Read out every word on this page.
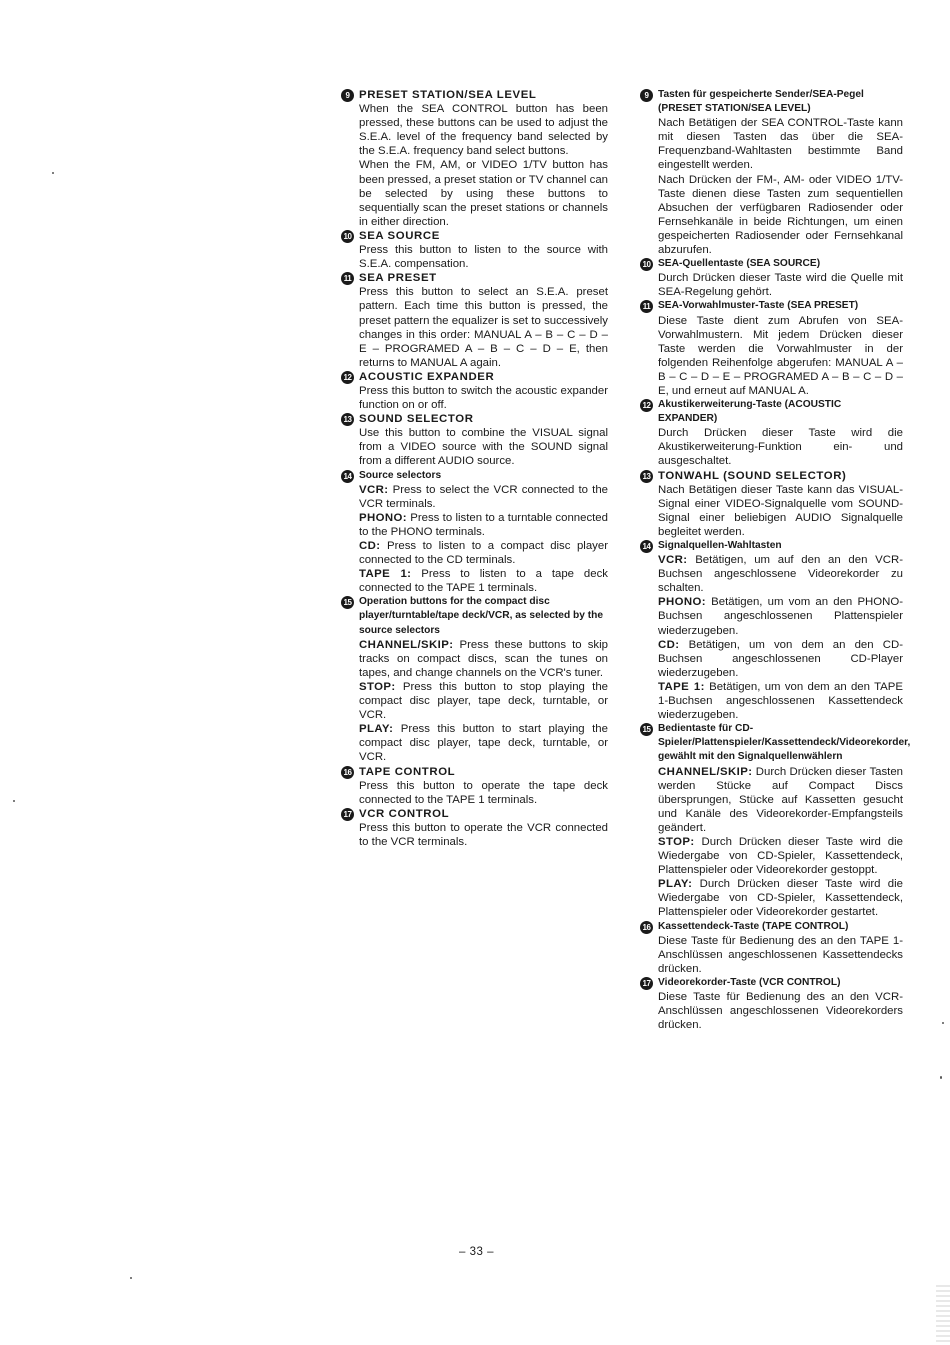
9 PRESET STATION/SEA LEVEL

When the SEA CONTROL button has been pressed, these buttons can be used to adjust the S.E.A. level of the frequency band selected by the S.E.A. frequency band select buttons.

When the FM, AM, or VIDEO 1/TV button has been pressed, a preset station or TV channel can be selected by using these buttons to sequentially scan the preset stations or channels in either direction.

10 SEA SOURCE

Press this button to listen to the source with S.E.A. compensation.

11 SEA PRESET

Press this button to select an S.E.A. preset pattern. Each time this button is pressed, the preset pattern the equalizer is set to successively changes in this order: MANUAL A – B – C – D – E – PROGRAMED A – B – C – D – E, then returns to MANUAL A again.

12 ACOUSTIC EXPANDER

Press this button to switch the acoustic expander function on or off.

13 SOUND SELECTOR

Use this button to combine the VISUAL signal from a VIDEO source with the SOUND signal from a different AUDIO source.

14 Source selectors

VCR: Press to select the VCR connected to the VCR terminals.

PHONO: Press to listen to a turntable connected to the PHONO terminals.

CD: Press to listen to a compact disc player connected to the CD terminals.

TAPE 1: Press to listen to a tape deck connected to the TAPE 1 terminals.

15 Operation buttons for the compact disc player/turntable/tape deck/VCR, as selected by the source selectors

CHANNEL/SKIP: Press these buttons to skip tracks on compact discs, scan the tunes on tapes, and change channels on the VCR's tuner.

STOP: Press this button to stop playing the compact disc player, tape deck, turntable, or VCR.

PLAY: Press this button to start playing the compact disc player, tape deck, turntable, or VCR.

16 TAPE CONTROL

Press this button to operate the tape deck connected to the TAPE 1 terminals.

17 VCR CONTROL

Press this button to operate the VCR connected to the VCR terminals.

9 Tasten für gespeicherte Sender/SEA-Pegel (PRESET STATION/SEA LEVEL)

Nach Betätigen der SEA CONTROL-Taste kann mit diesen Tasten das über die SEA-Frequenzband-Wahltasten bestimmte Band eingestellt werden.

Nach Drücken der FM-, AM- oder VIDEO 1/TV-Taste dienen diese Tasten zum sequentiellen Absuchen der verfügbaren Radiosender oder Fernsehkanäle in beide Richtungen, um einen gespeicherten Radiosender oder Fernsehkanal abzurufen.

10 SEA-Quellentaste (SEA SOURCE)

Durch Drücken dieser Taste wird die Quelle mit SEA-Regelung gehört.

11 SEA-Vorwahlmuster-Taste (SEA PRESET)

Diese Taste dient zum Abrufen von SEA-Vorwahlmustern. Mit jedem Drücken dieser Taste werden die Vorwahlmuster in der folgenden Reihenfolge abgerufen: MANUAL A – B – C – D – E – PROGRAMED A – B – C – D – E, und erneut auf MANUAL A.

12 Akustikerweiterung-Taste (ACOUSTIC EXPANDER)

Durch Drücken dieser Taste wird die Akustikerweiterung-Funktion ein- und ausgeschaltet.

13 TONWAHL (SOUND SELECTOR)

Nach Betätigen dieser Taste kann das VISUAL-Signal einer VIDEO-Signalquelle vom SOUND-Signal einer beliebigen AUDIO Signalquelle begleitet werden.

14 Signalquellen-Wahltasten

VCR: Betätigen, um auf den an den VCR-Buchsen angeschlossene Videorekorder zu schalten.

PHONO: Betätigen, um vom an den PHONO-Buchsen angeschlossenen Plattenspieler wiederzugeben.

CD: Betätigen, um von dem an den CD-Buchsen angeschlossenen CD-Player wiederzugeben.

TAPE 1: Betätigen, um von dem an den TAPE 1-Buchsen angeschlossenen Kassettendeck wiederzugeben.

15 Bedientaste für CD-Spieler/Plattenspieler/Kassettendeck/Videorekorder, gewählt mit den Signalquellenwählern

CHANNEL/SKIP: Durch Drücken dieser Tasten werden Stücke auf Compact Discs übersprungen, Stücke auf Kassetten gesucht und Kanäle des Videorekorder-Empfangsteils geändert.

STOP: Durch Drücken dieser Taste wird die Wiedergabe von CD-Spieler, Kassettendeck, Plattenspieler oder Videorekorder gestoppt.

PLAY: Durch Drücken dieser Taste wird die Wiedergabe von CD-Spieler, Kassettendeck, Plattenspieler oder Videorekorder gestartet.

16 Kassettendeck-Taste (TAPE CONTROL)

Diese Taste für Bedienung des an den TAPE 1-Anschlüssen angeschlossenen Kassettendecks drücken.

17 Videorekorder-Taste (VCR CONTROL)

Diese Taste für Bedienung des an den VCR-Anschlüssen angeschlossenen Videorekorders drücken.

– 33 –
